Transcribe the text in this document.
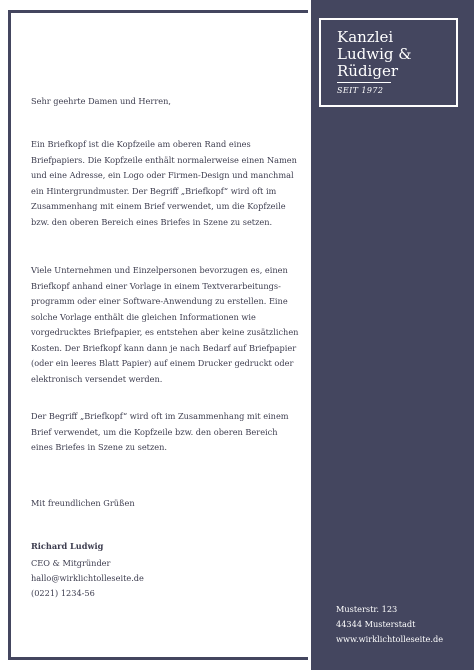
Kanzlei
Ludwig &
Rüdiger
SEIT 1972
Sehr geehrte Damen und Herren,

Ein Briefkopf ist die Kopfzeile am oberen Rand eines Briefpapiers. Die Kopfzeile enthält normalerweise einen Namen und eine Adresse, ein Logo oder Firmen-Design und manchmal ein Hintergrundmuster. Der Begriff „Briefkopf“ wird oft im Zusammenhang mit einem Brief verwendet, um die Kopfzeile bzw. den oberen Bereich eines Briefes in Szene zu setzen.

Viele Unternehmen und Einzelpersonen bevorzugen es, einen Briefkopf anhand einer Vorlage in einem Textverarbeitungs-programm oder einer Software-Anwendung zu erstellen. Eine solche Vorlage enthält die gleichen Informationen wie vorgedrucktes Briefpapier, es entstehen aber keine zusätzlichen Kosten. Der Briefkopf kann dann je nach Bedarf auf Briefpapier (oder ein leeres Blatt Papier) auf einem Drucker gedruckt oder elektronisch versendet werden.

Der Begriff „Briefkopf“ wird oft im Zusammenhang mit einem Brief verwendet, um die Kopfzeile bzw. den oberen Bereich eines Briefes in Szene zu setzen.

Mit freundlichen Grüßen
Richard Ludwig
CEO & Mitgründer
hallo@wirklichtolleseite.de
(0221) 1234-56
Musterstr. 123
44344 Musterstadt
www.wirklichtolleseite.de
